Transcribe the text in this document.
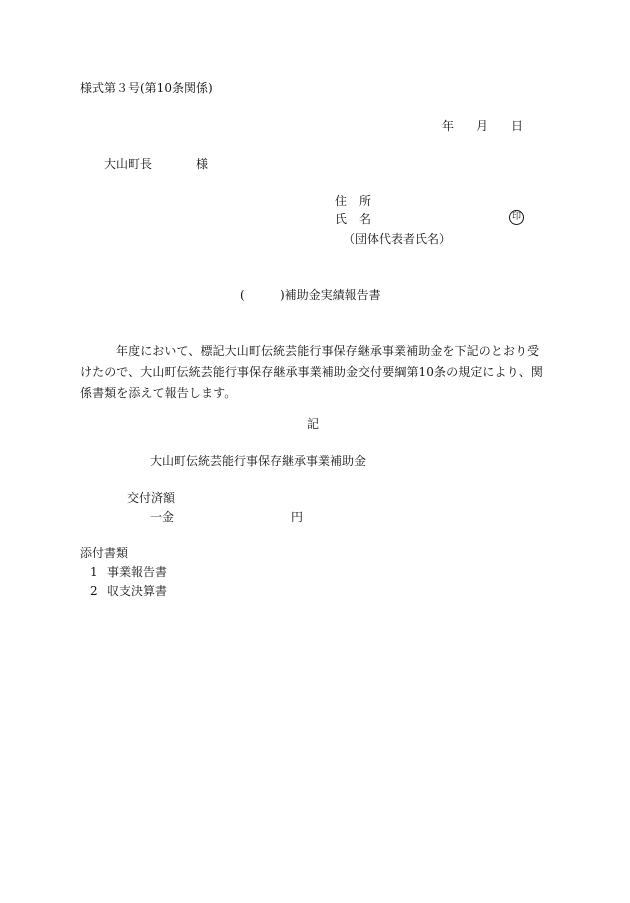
様式第３号(第10条関係)
年 月 日
大山町長	様
住　所
氏　名	印
（団体代表者氏名）
(	)補助金実績報告書
年度において、標記大山町伝統芸能行事保存継承事業補助金を下記のとおり受けたので、大山町伝統芸能行事保存継承事業補助金交付要綱第10条の規定により、関係書類を添えて報告します。
記
大山町伝統芸能行事保存継承事業補助金
交付済額
一金	円
添付書類
1 事業報告書
2 収支決算書
